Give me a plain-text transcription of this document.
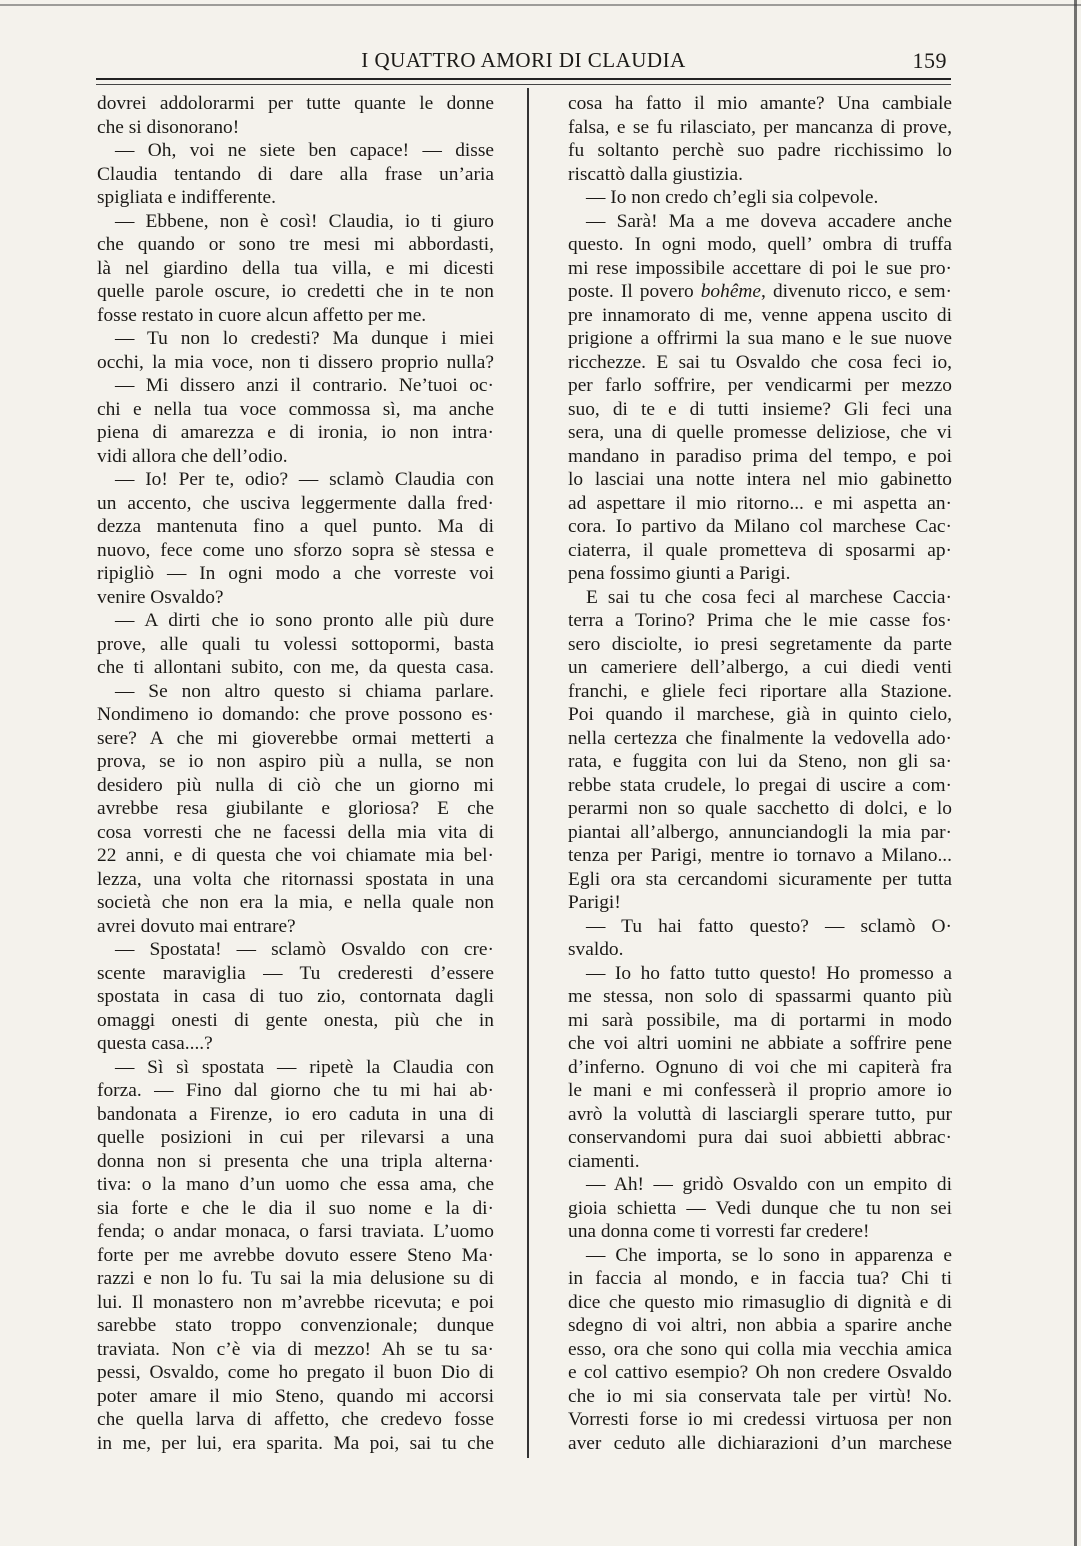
I QUATTRO AMORI DI CLAUDIA	159
dovrei addolorarmi per tutte quante le donne
che si disonorano!
— Oh, voi ne siete ben capace! — disse
Claudia tentando di dare alla frase un’aria
spigliata e indifferente.
— Ebbene, non è così! Claudia, io ti giuro
che quando or sono tre mesi mi abbordasti,
là nel giardino della tua villa, e mi dicesti
quelle parole oscure, io credetti che in te non
fosse restato in cuore alcun affetto per me.
— Tu non lo credesti? Ma dunque i miei
occhi, la mia voce, non ti dissero proprio nulla?
— Mi dissero anzi il contrario. Ne’tuoi oc·
chi e nella tua voce commossa sì, ma anche
piena di amarezza e di ironia, io non intra·
vidi allora che dell’odio.
— Io! Per te, odio? — sclamò Claudia con
un accento, che usciva leggermente dalla fred·
dezza mantenuta fino a quel punto. Ma di
nuovo, fece come uno sforzo sopra sè stessa e
ripigliò — In ogni modo a che vorreste voi
venire Osvaldo?
— A dirti che io sono pronto alle più dure
prove, alle quali tu volessi sottopormi, basta
che ti allontani subito, con me, da questa casa.
— Se non altro questo si chiama parlare.
Nondimeno io domando: che prove possono es·
sere? A che mi gioverebbe ormai metterti a
prova, se io non aspiro più a nulla, se non
desidero più nulla di ciò che un giorno mi
avrebbe resa giubilante e gloriosa? E che
cosa vorresti che ne facessi della mia vita di
22 anni, e di questa che voi chiamate mia bel·
lezza, una volta che ritornassi spostata in una
società che non era la mia, e nella quale non
avrei dovuto mai entrare?
— Spostata! — sclamò Osvaldo con cre·
scente maraviglia — Tu crederesti d’essere
spostata in casa di tuo zio, contornata dagli
omaggi onesti di gente onesta, più che in
questa casa....?
— Sì sì spostata — ripetè la Claudia con
forza. — Fino dal giorno che tu mi hai ab·
bandonata a Firenze, io ero caduta in una di
quelle posizioni in cui per rilevarsi a una
donna non si presenta che una tripla alterna·
tiva: o la mano d’un uomo che essa ama, che
sia forte e che le dia il suo nome e la di·
fenda; o andar monaca, o farsi traviata. L’uomo
forte per me avrebbe dovuto essere Steno Ma·
razzi e non lo fu. Tu sai la mia delusione su di
lui. Il monastero non m’avrebbe ricevuta; e poi
sarebbe stato troppo convenzionale; dunque
traviata. Non c’è via di mezzo! Ah se tu sa·
pessi, Osvaldo, come ho pregato il buon Dio di
poter amare il mio Steno, quando mi accorsi
che quella larva di affetto, che credevo fosse
in me, per lui, era sparita. Ma poi, sai tu che
cosa ha fatto il mio amante? Una cambiale
falsa, e se fu rilasciato, per mancanza di prove,
fu soltanto perchè suo padre ricchissimo lo
riscattò dalla giustizia.
— Io non credo ch’egli sia colpevole.
— Sarà! Ma a me doveva accadere anche
questo. In ogni modo, quell’ ombra di truffa
mi rese impossibile accettare di poi le sue pro·
poste. Il povero bohême, divenuto ricco, e sem·
pre innamorato di me, venne appena uscito di
prigione a offrirmi la sua mano e le sue nuove
ricchezze. E sai tu Osvaldo che cosa feci io,
per farlo soffrire, per vendicarmi per mezzo
suo, di te e di tutti insieme? Gli feci una
sera, una di quelle promesse deliziose, che vi
mandano in paradiso prima del tempo, e poi
lo lasciai una notte intera nel mio gabinetto
ad aspettare il mio ritorno... e mi aspetta an·
cora. Io partivo da Milano col marchese Cac·
ciaterra, il quale prometteva di sposarmi ap·
pena fossimo giunti a Parigi.
E sai tu che cosa feci al marchese Caccia·
terra a Torino? Prima che le mie casse fos·
sero disciolte, io presi segretamente da parte
un cameriere dell’albergo, a cui diedi venti
franchi, e gliele feci riportare alla Stazione.
Poi quando il marchese, già in quinto cielo,
nella certezza che finalmente la vedovella ado·
rata, e fuggita con lui da Steno, non gli sa·
rebbe stata crudele, lo pregai di uscire a com·
perarmi non so quale sacchetto di dolci, e lo
piantai all’albergo, annunciandogli la mia par·
tenza per Parigi, mentre io tornavo a Milano...
Egli ora sta cercandomi sicuramente per tutta
Parigi!
— Tu hai fatto questo? — sclamò O·
svaldo.
— Io ho fatto tutto questo! Ho promesso a
me stessa, non solo di spassarmi quanto più
mi sarà possibile, ma di portarmi in modo
che voi altri uomini ne abbiate a soffrire pene
d’inferno. Ognuno di voi che mi capiterà fra
le mani e mi confesserà il proprio amore io
avrò la voluttà di lasciargli sperare tutto, pur
conservandomi pura dai suoi abbietti abbrac·
ciamenti.
— Ah! — gridò Osvaldo con un empito di
gioia schietta — Vedi dunque che tu non sei
una donna come ti vorresti far credere!
— Che importa, se lo sono in apparenza e
in faccia al mondo, e in faccia tua? Chi ti
dice che questo mio rimasuglio di dignità e di
sdegno di voi altri, non abbia a sparire anche
esso, ora che sono qui colla mia vecchia amica
e col cattivo esempio? Oh non credere Osvaldo
che io mi sia conservata tale per virtù! No.
Vorresti forse io mi credessi virtuosa per non
aver ceduto alle dichiarazioni d’un marchese
